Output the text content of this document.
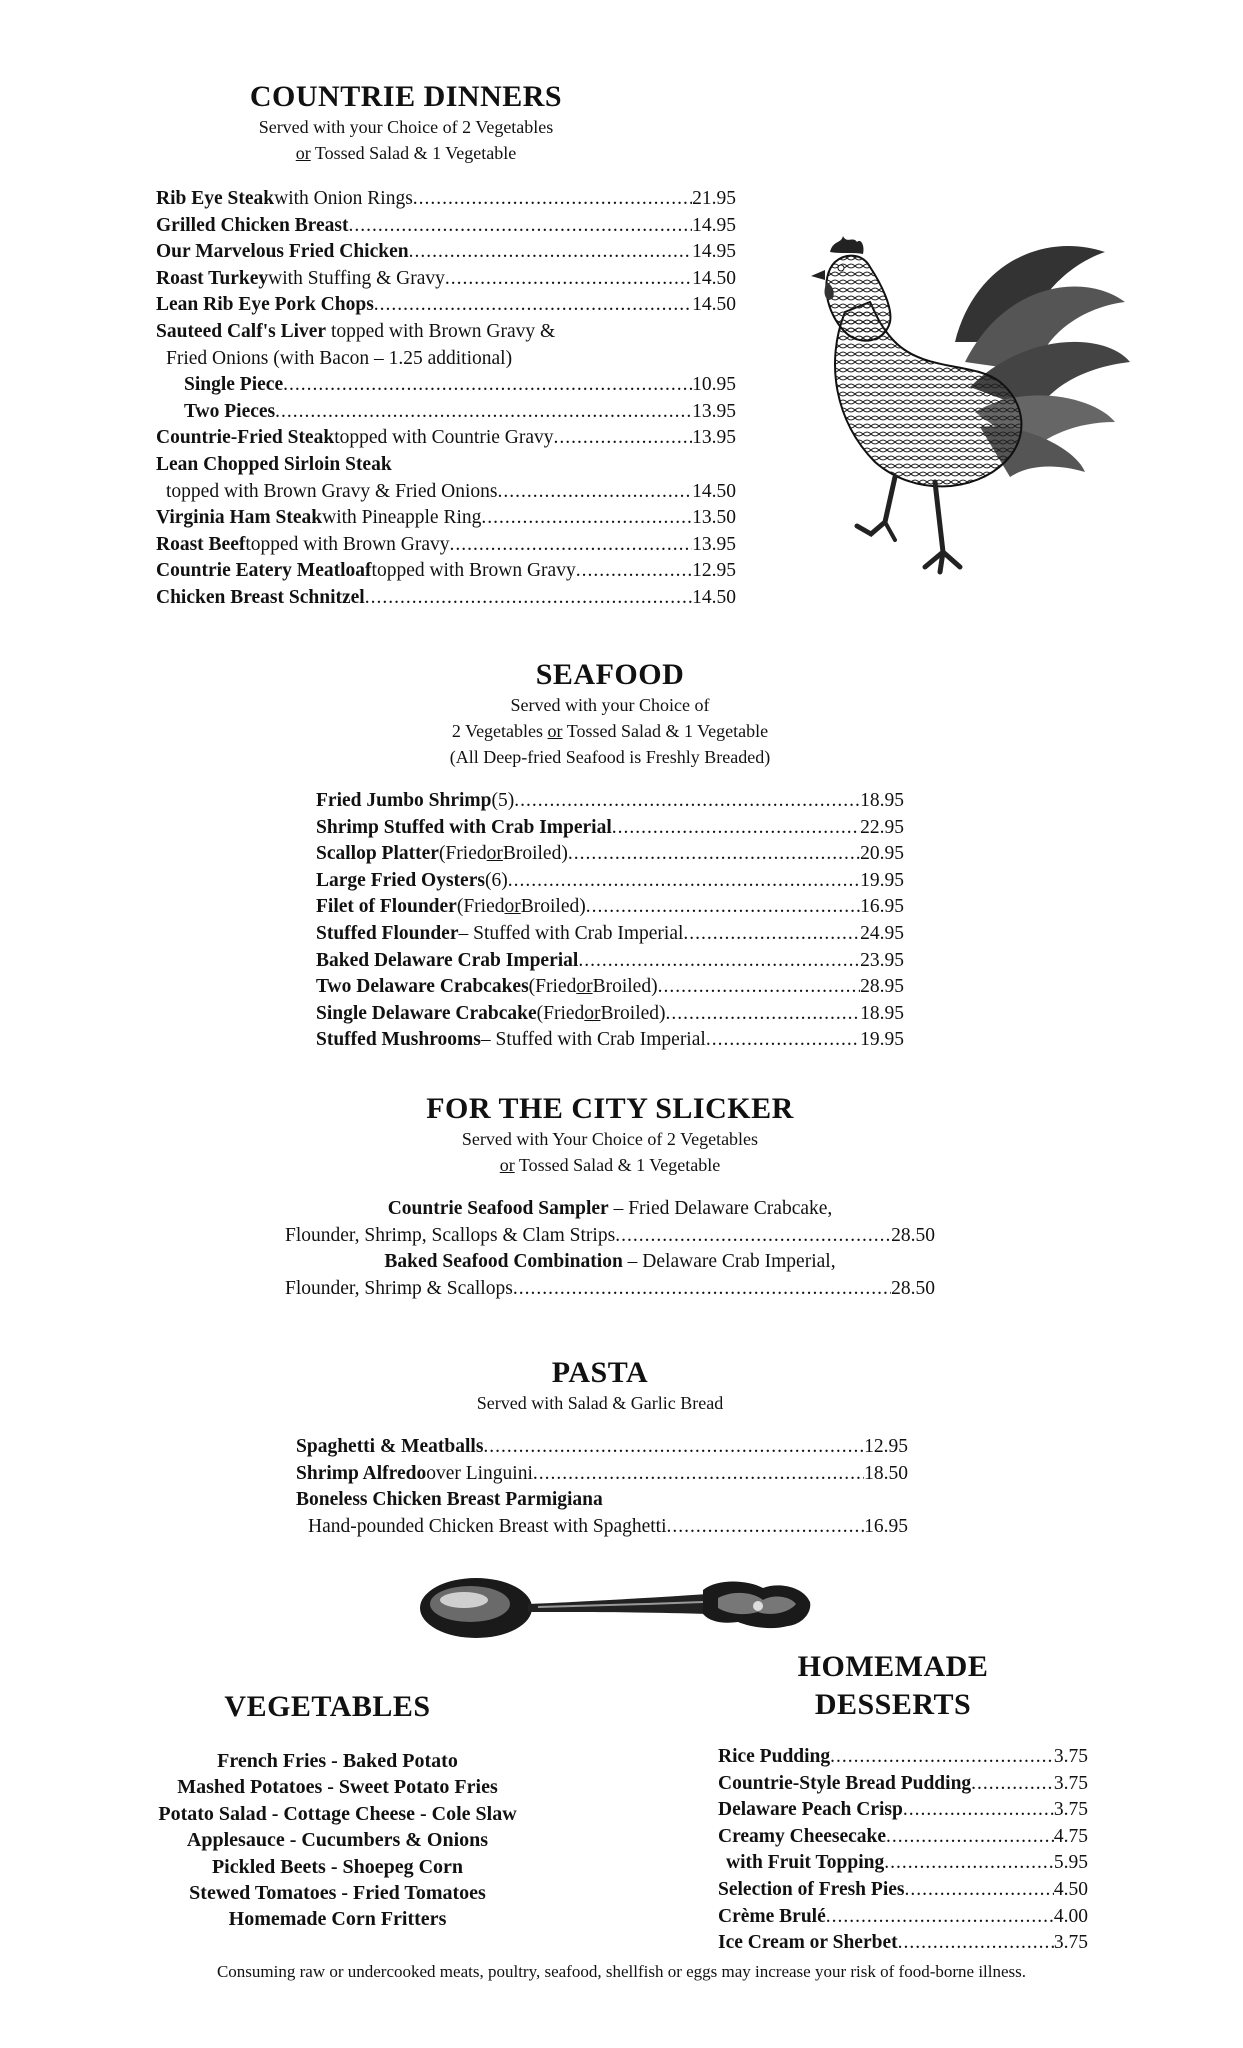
COUNTRIE DINNERS
Served with your Choice of 2 Vegetables
or Tossed Salad & 1 Vegetable
Rib Eye Steak with Onion Rings .....	21.95
Grilled Chicken Breast .....	14.95
Our Marvelous Fried Chicken .....	14.95
Roast Turkey with Stuffing & Gravy .....	14.50
Lean Rib Eye Pork Chops .....	14.50
Sauteed Calf's Liver topped with Brown Gravy &
Fried Onions (with Bacon – 1.25 additional)
Single Piece .....	10.95
Two Pieces .....	13.95
Countrie-Fried Steak topped with Countrie Gravy .....	13.95
Lean Chopped Sirloin Steak
topped with Brown Gravy & Fried Onions .....	14.50
Virginia Ham Steak with Pineapple Ring .....	13.50
Roast Beef topped with Brown Gravy .....	13.95
Countrie Eatery Meatloaf topped with Brown Gravy .....	12.95
Chicken Breast Schnitzel .....	14.50
SEAFOOD
Served with your Choice of
2 Vegetables or Tossed Salad & 1 Vegetable
(All Deep-fried Seafood is Freshly Breaded)
Fried Jumbo Shrimp (5) .....	18.95
Shrimp Stuffed with Crab Imperial .....	22.95
Scallop Platter (Fried or Broiled) .....	20.95
Large Fried Oysters (6) .....	19.95
Filet of Flounder (Fried or Broiled) .....	16.95
Stuffed Flounder – Stuffed with Crab Imperial .....	24.95
Baked Delaware Crab Imperial .....	23.95
Two Delaware Crabcakes (Fried or Broiled) .....	28.95
Single Delaware Crabcake (Fried or Broiled) .....	18.95
Stuffed Mushrooms – Stuffed with Crab Imperial .....	19.95
FOR THE CITY SLICKER
Served with Your Choice of 2 Vegetables
or Tossed Salad & 1 Vegetable
Countrie Seafood Sampler – Fried Delaware Crabcake,
Flounder, Shrimp, Scallops & Clam Strips .....	28.50
Baked Seafood Combination – Delaware Crab Imperial,
Flounder, Shrimp & Scallops .....	28.50
PASTA
Served with Salad & Garlic Bread
Spaghetti & Meatballs .....	12.95
Shrimp Alfredo over Linguini .....	18.50
Boneless Chicken Breast Parmigiana
Hand-pounded Chicken Breast with Spaghetti .....	16.95
VEGETABLES
French Fries - Baked Potato
Mashed Potatoes - Sweet Potato Fries
Potato Salad - Cottage Cheese - Cole Slaw
Applesauce - Cucumbers & Onions
Pickled Beets - Shoepeg Corn
Stewed Tomatoes - Fried Tomatoes
Homemade Corn Fritters
HOMEMADE
DESSERTS
Rice Pudding .....	3.75
Countrie-Style Bread Pudding .....	3.75
Delaware Peach Crisp .....	3.75
Creamy Cheesecake .....	4.75
with Fruit Topping .....	5.95
Selection of Fresh Pies .....	4.50
Crème Brulé .....	4.00
Ice Cream or Sherbet .....	3.75
Consuming raw or undercooked meats, poultry, seafood, shellfish or eggs may increase your risk of food-borne illness.
